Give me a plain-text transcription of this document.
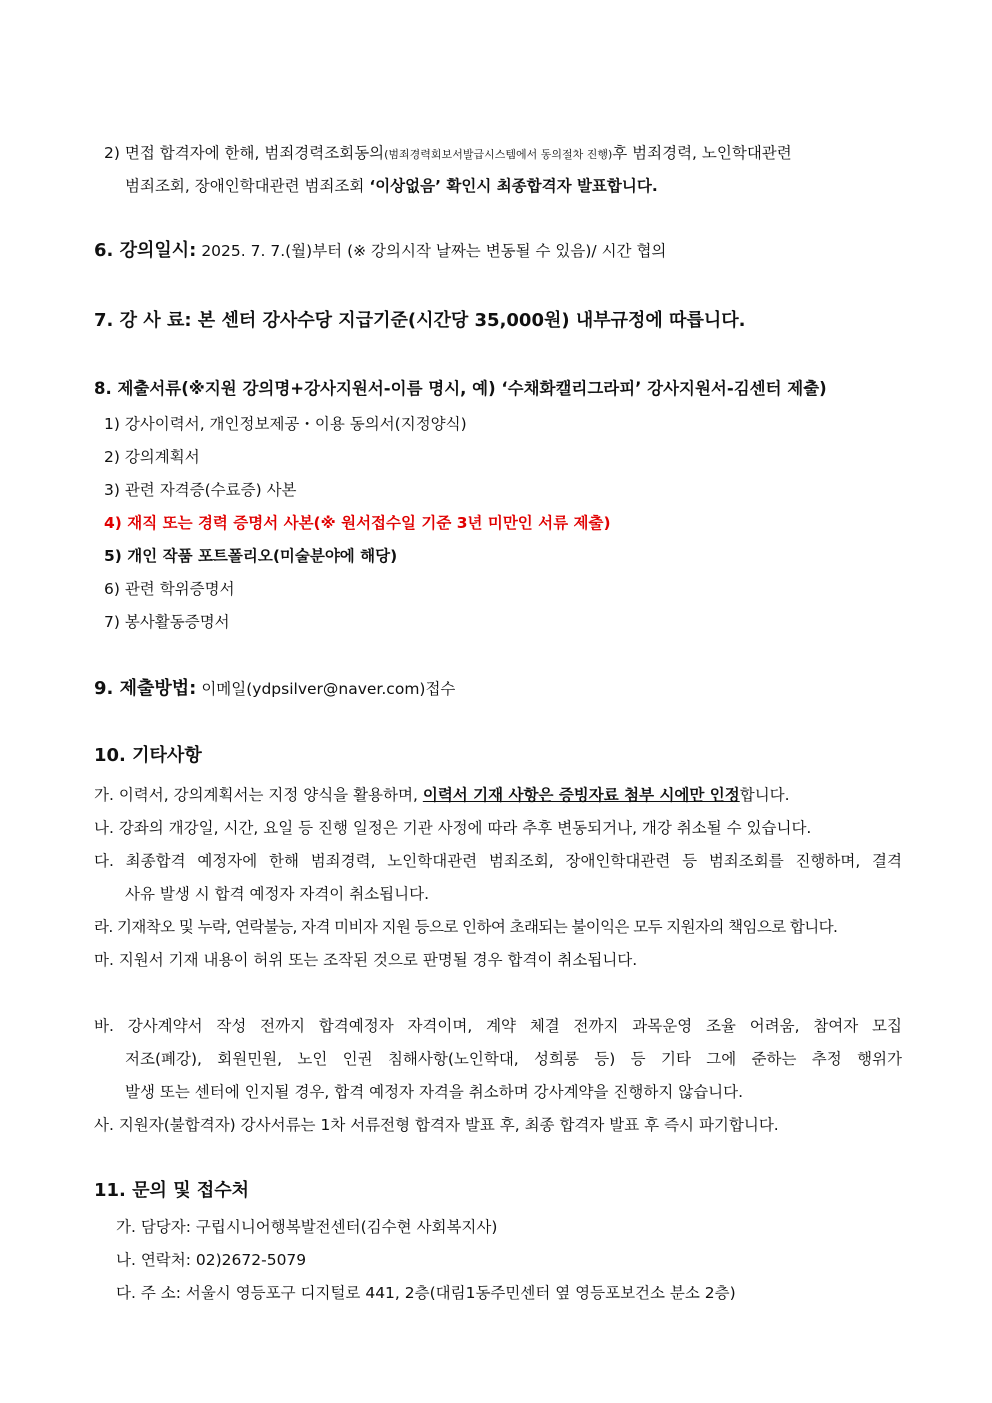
2) 면접 합격자에 한해, 범죄경력조회동의(범죄경력회보서발급시스템에서 동의절차 진행)후 범죄경력, 노인학대관련
범죄조회, 장애인학대관련 범죄조회 ‘이상없음’ 확인시 최종합격자 발표합니다.
6. 강의일시: 2025. 7. 7.(월)부터 (※ 강의시작 날짜는 변동될 수 있음)/ 시간 협의
7. 강 사 료: 본 센터 강사수당 지급기준(시간당 35,000원) 내부규정에 따릅니다.
8. 제출서류(※지원 강의명+강사지원서-이름 명시, 예) ‘수채화캘리그라피’ 강사지원서-김센터 제출)
1) 강사이력서, 개인정보제공・이용 동의서(지정양식)
2) 강의계획서
3) 관련 자격증(수료증) 사본
4) 재직 또는 경력 증명서 사본(※ 원서접수일 기준 3년 미만인 서류 제출)
5) 개인 작품 포트폴리오(미술분야에 해당)
6) 관련 학위증명서
7) 봉사활동증명서
9. 제출방법: 이메일(ydpsilver@naver.com)접수
10. 기타사항
가. 이력서, 강의계획서는 지정 양식을 활용하며, 이력서 기재 사항은 증빙자료 첨부 시에만 인정합니다.
나. 강좌의 개강일, 시간, 요일 등 진행 일정은 기관 사정에 따라 추후 변동되거나, 개강 취소될 수 있습니다.
다. 최종합격 예정자에 한해 범죄경력, 노인학대관련 범죄조회, 장애인학대관련 등 범죄조회를 진행하며, 결격
사유 발생 시 합격 예정자 자격이 취소됩니다.
라. 기재착오 및 누락, 연락불능, 자격 미비자 지원 등으로 인하여 초래되는 불이익은 모두 지원자의 책임으로 합니다.
마. 지원서 기재 내용이 허위 또는 조작된 것으로 판명될 경우 합격이 취소됩니다.
바. 강사계약서 작성 전까지 합격예정자 자격이며, 계약 체결 전까지 과목운영 조율 어려움, 참여자 모집
저조(폐강), 회원민원, 노인 인권 침해사항(노인학대, 성희롱 등) 등 기타 그에 준하는 추정 행위가
발생 또는 센터에 인지될 경우, 합격 예정자 자격을 취소하며 강사계약을 진행하지 않습니다.
사. 지원자(불합격자) 강사서류는 1차 서류전형 합격자 발표 후, 최종 합격자 발표 후 즉시 파기합니다.
11. 문의 및 접수처
가. 담당자: 구립시니어행복발전센터(김수현 사회복지사)
나. 연락처: 02)2672-5079
다. 주 소: 서울시 영등포구 디지털로 441, 2층(대림1동주민센터 옆 영등포보건소 분소 2층)
